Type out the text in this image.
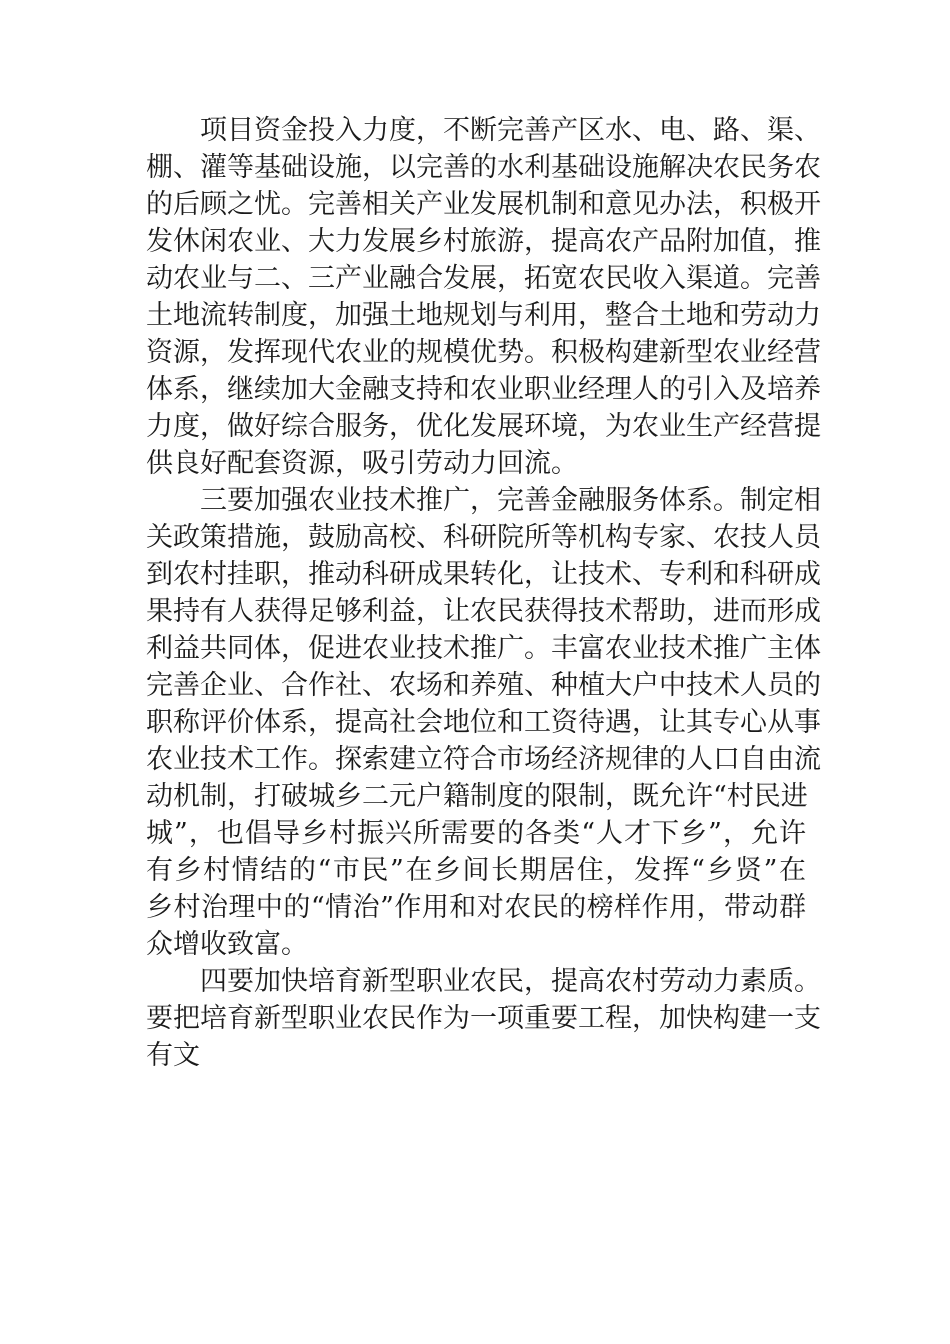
项目资金投入力度，不断完善产区水、电、路、渠、
棚、灌等基础设施，以完善的水利基础设施解决农民务农
的后顾之忧。完善相关产业发展机制和意见办法，积极开
发休闲农业、大力发展乡村旅游，提高农产品附加值，推
动农业与二、三产业融合发展，拓宽农民收入渠道。完善
土地流转制度，加强土地规划与利用，整合土地和劳动力
资源，发挥现代农业的规模优势。积极构建新型农业经营
体系，继续加大金融支持和农业职业经理人的引入及培养
力度，做好综合服务，优化发展环境，为农业生产经营提
供良好配套资源，吸引劳动力回流。
三要加强农业技术推广，完善金融服务体系。制定相
关政策措施，鼓励高校、科研院所等机构专家、农技人员
到农村挂职，推动科研成果转化，让技术、专利和科研成
果持有人获得足够利益，让农民获得技术帮助，进而形成
利益共同体，促进农业技术推广。丰富农业技术推广主体
完善企业、合作社、农场和养殖、种植大户中技术人员的
职称评价体系，提高社会地位和工资待遇，让其专心从事
农业技术工作。探索建立符合市场经济规律的人口自由流
动机制，打破城乡二元户籍制度的限制，既允许“村民进
城”，也倡导乡村振兴所需要的各类“人才下乡”，允许
有乡村情结的“市民”在乡间长期居住，发挥“乡贤”在
乡村治理中的“情治”作用和对农民的榜样作用，带动群
众增收致富。
四要加快培育新型职业农民，提高农村劳动力素质。
要把培育新型职业农民作为一项重要工程，加快构建一支
有文
